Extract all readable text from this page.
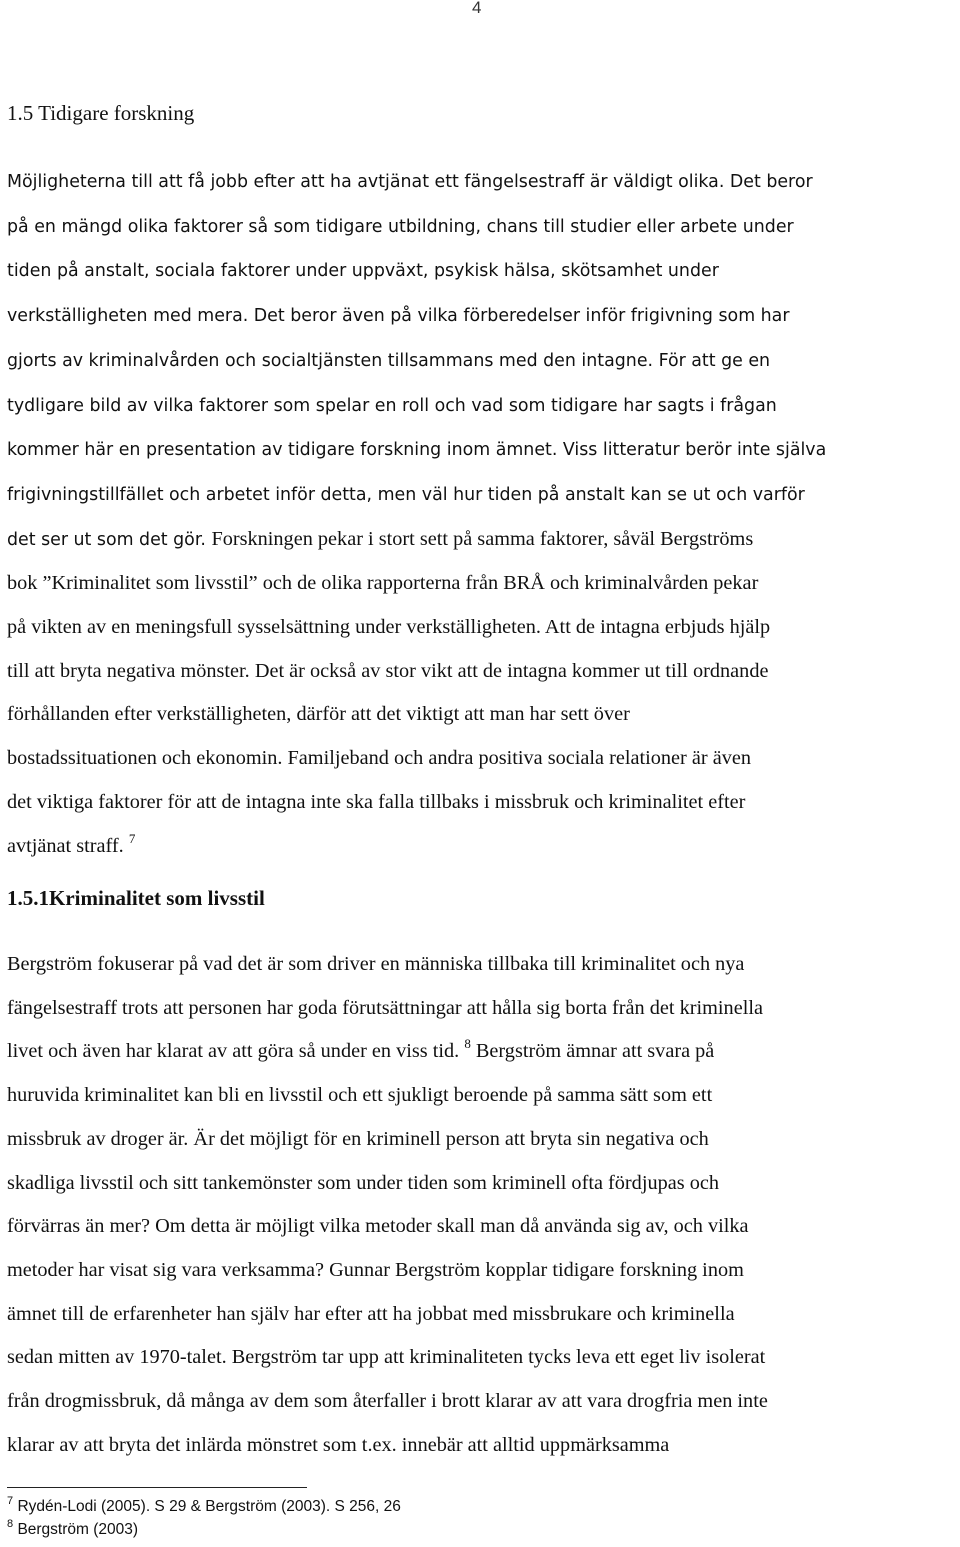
4
1.5 Tidigare forskning
Möjligheterna till att få jobb efter att ha avtjänat ett fängelsestraff är väldigt olika. Det beror
på en mängd olika faktorer så som tidigare utbildning, chans till studier eller arbete under
tiden på anstalt, sociala faktorer under uppväxt, psykisk hälsa, skötsamhet under
verkställigheten med mera. Det beror även på vilka förberedelser inför frigivning som har
gjorts av kriminalvården och socialtjänsten tillsammans med den intagne. För att ge en
tydligare bild av vilka faktorer som spelar en roll och vad som tidigare har sagts i frågan
kommer här en presentation av tidigare forskning inom ämnet. Viss litteratur berör inte själva
frigivningstillfället och arbetet inför detta, men väl hur tiden på anstalt kan se ut och varför
det ser ut som det gör. Forskningen pekar i stort sett på samma faktorer, såväl Bergströms
bok ”Kriminalitet som livsstil” och de olika rapporterna från BRÅ och kriminalvården pekar
på vikten av en meningsfull sysselsättning under verkställigheten. Att de intagna erbjuds hjälp
till att bryta negativa mönster. Det är också av stor vikt att de intagna kommer ut till ordnande
förhållanden efter verkställigheten, därför att det viktigt att man har sett över
bostadssituationen och ekonomin. Familjeband och andra positiva sociala relationer är även
det viktiga faktorer för att de intagna inte ska falla tillbaks i missbruk och kriminalitet efter
avtjänat straff. $^7$
1.5.1Kriminalitet som livsstil
Bergström fokuserar på vad det är som driver en människa tillbaka till kriminalitet och nya
fängelsestraff trots att personen har goda förutsättningar att hålla sig borta från det kriminella
livet och även har klarat av att göra så under en viss tid. $^8$ Bergström ämnar att svara på
huruvida kriminalitet kan bli en livsstil och ett sjukligt beroende på samma sätt som ett
missbruk av droger är. Är det möjligt för en kriminell person att bryta sin negativa och
skadliga livsstil och sitt tankemönster som under tiden som kriminell ofta fördjupas och
förvärras än mer? Om detta är möjligt vilka metoder skall man då använda sig av, och vilka
metoder har visat sig vara verksamma? Gunnar Bergström kopplar tidigare forskning inom
ämnet till de erfarenheter han själv har efter att ha jobbat med missbrukare och kriminella
sedan mitten av 1970-talet. Bergström tar upp att kriminaliteten tycks leva ett eget liv isolerat
från drogmissbruk, då många av dem som återfaller i brott klarar av att vara drogfria men inte
klarar av att bryta det inlärda mönstret som t.ex. innebär att alltid uppmärksamma
$^7$ Rydén-Lodi (2005). S 29 & Bergström (2003). S 256, 26
$^8$ Bergström (2003)
